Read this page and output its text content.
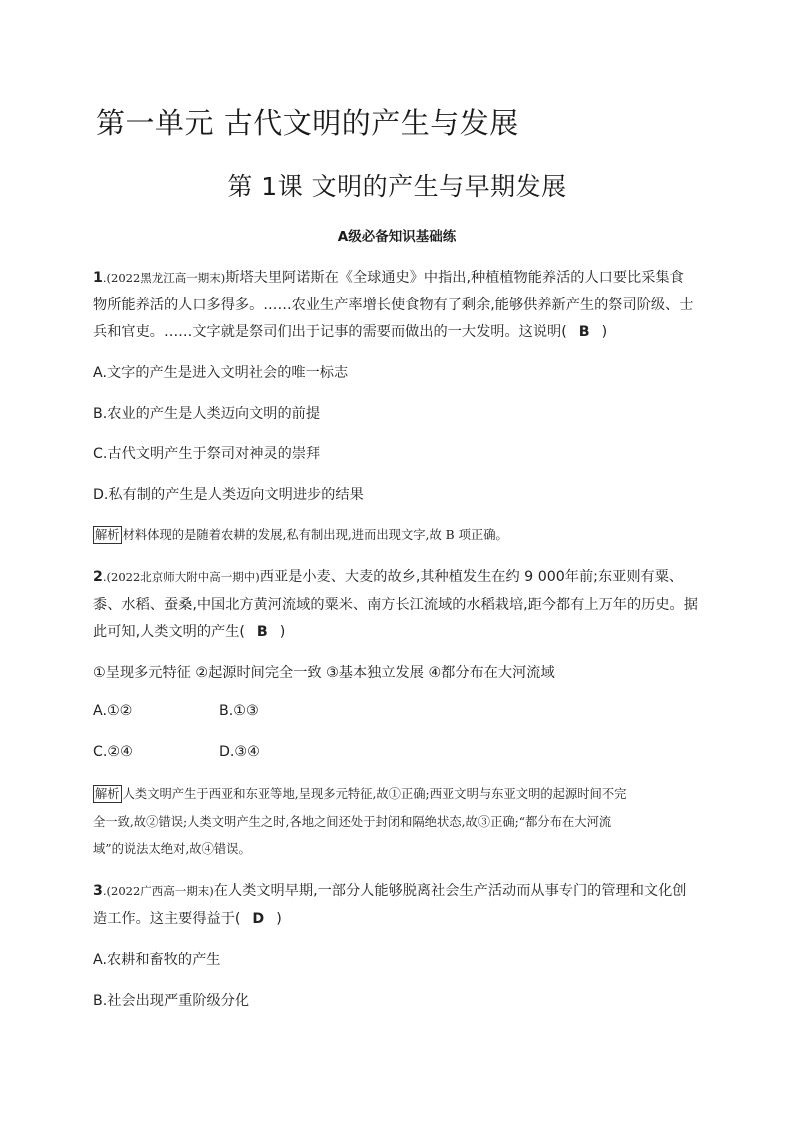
第一单元 古代文明的产生与发展
第 1课 文明的产生与早期发展
A级必备知识基础练
1.(2022黑龙江高一期末)斯塔夫里阿诺斯在《全球通史》中指出,种植植物能养活的人口要比采集食
物所能养活的人口多得多。……农业生产率增长使食物有了剩余,能够供养新产生的祭司阶级、士
兵和官吏。……文字就是祭司们出于记事的需要而做出的一大发明。这说明( B )
A.文字的产生是进入文明社会的唯一标志
B.农业的产生是人类迈向文明的前提
C.古代文明产生于祭司对神灵的崇拜
D.私有制的产生是人类迈向文明进步的结果
解析 材料体现的是随着农耕的发展,私有制出现,进而出现文字,故 B 项正确。
2.(2022北京师大附中高一期中)西亚是小麦、大麦的故乡,其种植发生在约 9 000年前;东亚则有粟、
黍、水稻、蚕桑,中国北方黄河流域的粟米、南方长江流域的水稻栽培,距今都有上万年的历史。据
此可知,人类文明的产生( B )
①呈现多元特征 ②起源时间完全一致 ③基本独立发展 ④都分布在大河流域
A.①②	B.①③
C.②④	D.③④
解析 人类文明产生于西亚和东亚等地,呈现多元特征,故①正确;西亚文明与东亚文明的起源时间不完
全一致,故②错误;人类文明产生之时,各地之间还处于封闭和隔绝状态,故③正确;“都分布在大河流
域”的说法太绝对,故④错误。
3.(2022广西高一期末)在人类文明早期,一部分人能够脱离社会生产活动而从事专门的管理和文化创
造工作。这主要得益于( D )
A.农耕和畜牧的产生
B.社会出现严重阶级分化
